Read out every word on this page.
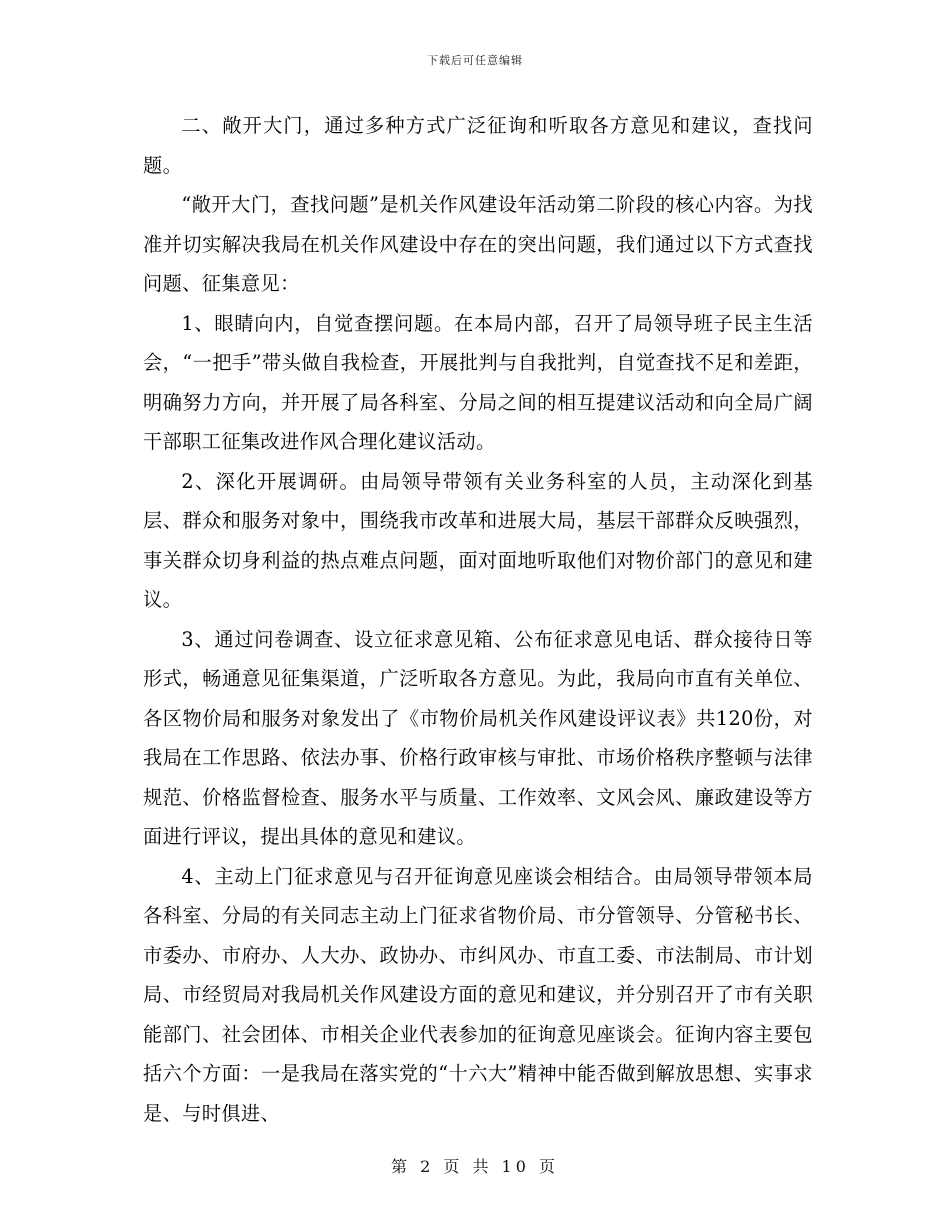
下载后可任意编辑

二、敞开大门，通过多种方式广泛征询和听取各方意见和建议，查找问题。

“敞开大门，查找问题”是机关作风建设年活动第二阶段的核心内容。为找准并切实解决我局在机关作风建设中存在的突出问题，我们通过以下方式查找问题、征集意见：

1、眼睛向内，自觉查摆问题。在本局内部，召开了局领导班子民主生活会，“一把手”带头做自我检查，开展批判与自我批判，自觉查找不足和差距，明确努力方向，并开展了局各科室、分局之间的相互提建议活动和向全局广阔干部职工征集改进作风合理化建议活动。

2、深化开展调研。由局领导带领有关业务科室的人员，主动深化到基层、群众和服务对象中，围绕我市改革和进展大局，基层干部群众反映强烈，事关群众切身利益的热点难点问题，面对面地听取他们对物价部门的意见和建议。

3、通过问卷调查、设立征求意见箱、公布征求意见电话、群众接待日等形式，畅通意见征集渠道，广泛听取各方意见。为此，我局向市直有关单位、各区物价局和服务对象发出了《市物价局机关作风建设评议表》共120份，对我局在工作思路、依法办事、价格行政审核与审批、市场价格秩序整顿与法律规范、价格监督检查、服务水平与质量、工作效率、文风会风、廉政建设等方面进行评议，提出具体的意见和建议。

4、主动上门征求意见与召开征询意见座谈会相结合。由局领导带领本局各科室、分局的有关同志主动上门征求省物价局、市分管领导、分管秘书长、市委办、市府办、人大办、政协办、市纠风办、市直工委、市法制局、市计划局、市经贸局对我局机关作风建设方面的意见和建议，并分别召开了市有关职能部门、社会团体、市相关企业代表参加的征询意见座谈会。征询内容主要包括六个方面：一是我局在落实党的“十六大”精神中能否做到解放思想、实事求是、与时俱进、

第 2 页 共 10 页
